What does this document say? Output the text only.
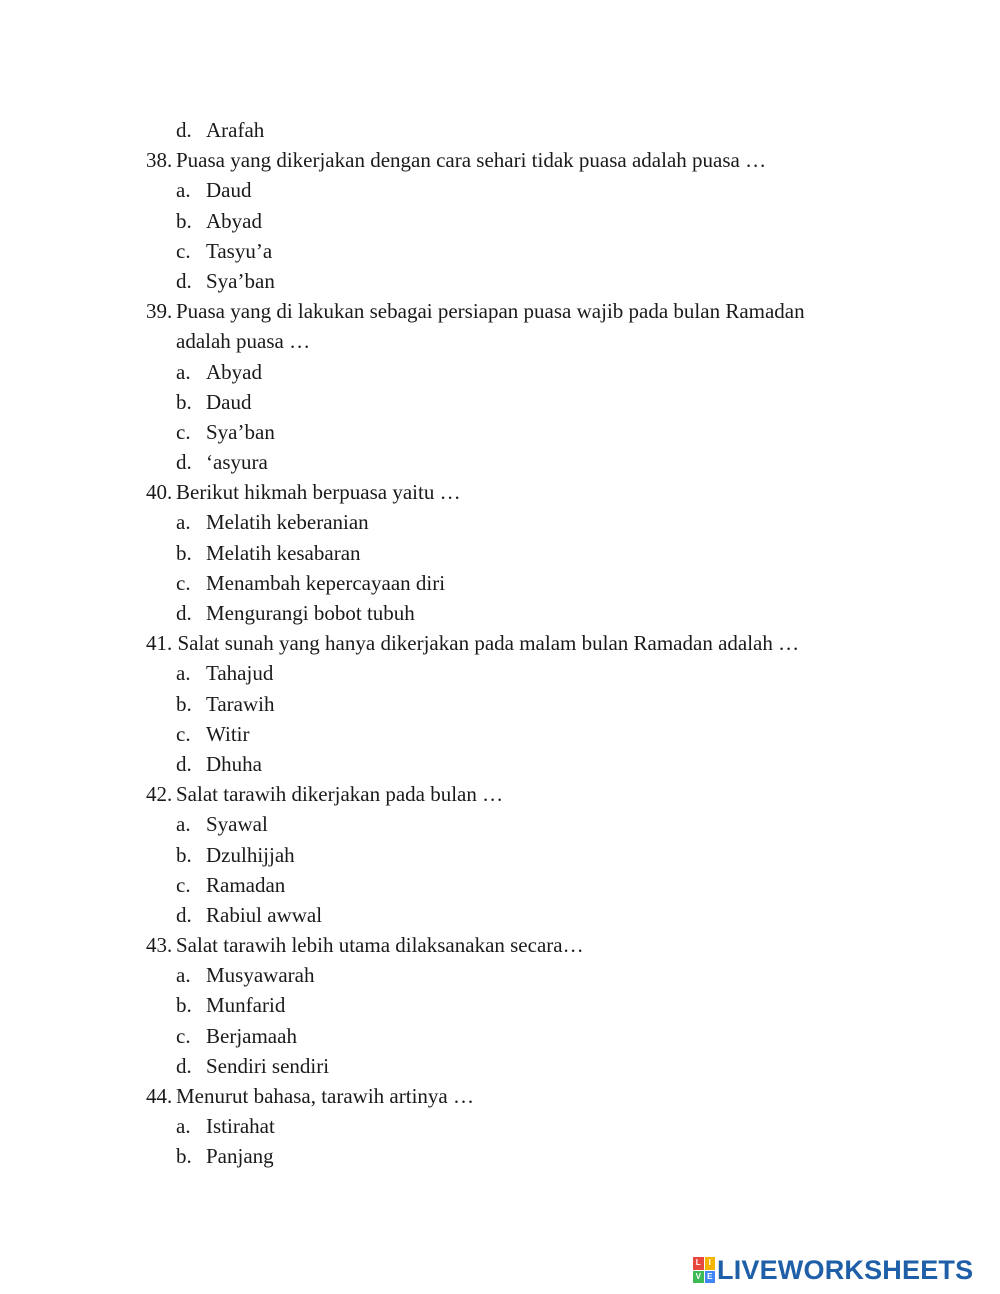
d. Arafah
38. Puasa yang dikerjakan dengan cara sehari tidak puasa adalah puasa …
a. Daud
b. Abyad
c. Tasyu’a
d. Sya’ban
39. Puasa yang di lakukan sebagai persiapan puasa wajib pada bulan Ramadan
adalah puasa …
a. Abyad
b. Daud
c. Sya’ban
d. ‘asyura
40. Berikut hikmah berpuasa yaitu …
a. Melatih keberanian
b. Melatih kesabaran
c. Menambah kepercayaan diri
d. Mengurangi bobot tubuh
41. Salat sunah yang hanya dikerjakan pada malam bulan Ramadan adalah …
a. Tahajud
b. Tarawih
c. Witir
d. Dhuha
42. Salat tarawih dikerjakan pada bulan …
a. Syawal
b. Dzulhijjah
c. Ramadan
d. Rabiul awwal
43. Salat tarawih lebih utama dilaksanakan secara…
a. Musyawarah
b. Munfarid
c. Berjamaah
d. Sendiri sendiri
44. Menurut bahasa, tarawih artinya …
a. Istirahat
b. Panjang
L I
V E LIVEWORKSHEETS
